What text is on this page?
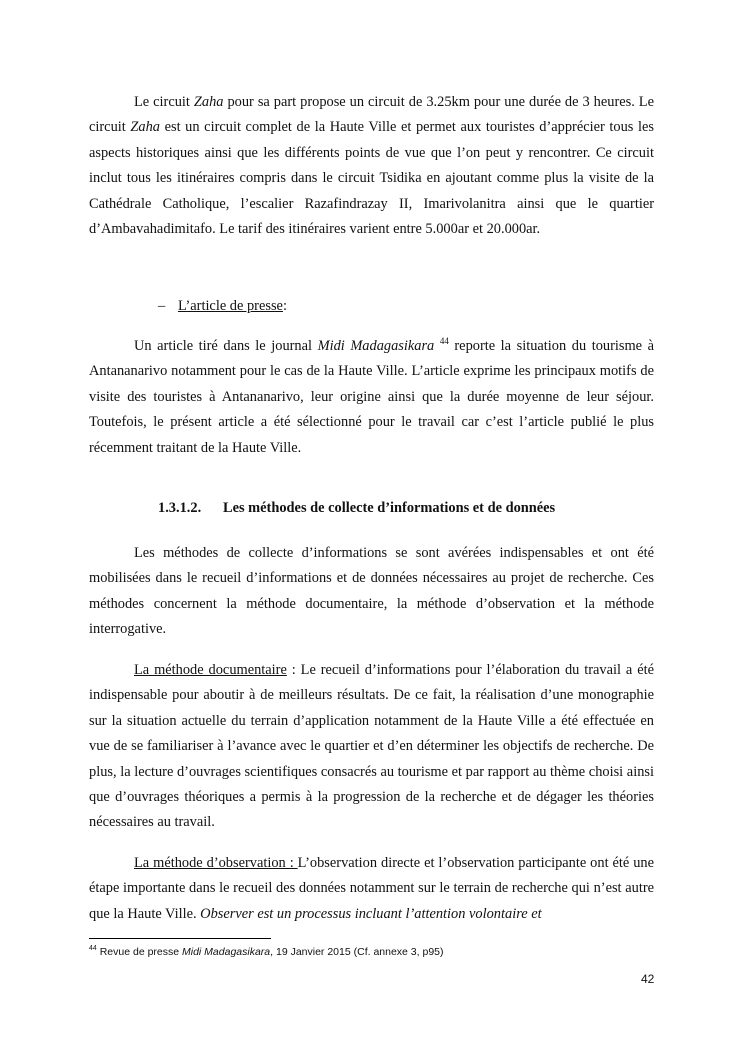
Le circuit Zaha pour sa part propose un circuit de 3.25km pour une durée de 3 heures. Le circuit Zaha est un circuit complet de la Haute Ville et permet aux touristes d’apprécier tous les aspects historiques ainsi que les différents points de vue que l’on peut y rencontrer. Ce circuit inclut tous les itinéraires compris dans le circuit Tsidika en ajoutant comme plus la visite de la Cathédrale Catholique, l’escalier Razafindrazay II, Imarivolanitra ainsi que le quartier d’Ambavahadimitafo. Le tarif des itinéraires varient entre 5.000ar et 20.000ar.

– L’article de presse:

Un article tiré dans le journal Midi Madagasikara $^{44}$ reporte la situation du tourisme à Antananarivo notamment pour le cas de la Haute Ville. L’article exprime les principaux motifs de visite des touristes à Antananarivo, leur origine ainsi que la durée moyenne de leur séjour. Toutefois, le présent article a été sélectionné pour le travail car c’est l’article publié le plus récemment traitant de la Haute Ville.

1.3.1.2. Les méthodes de collecte d’informations et de données

Les méthodes de collecte d’informations se sont avérées indispensables et ont été mobilisées dans le recueil d’informations et de données nécessaires au projet de recherche. Ces méthodes concernent la méthode documentaire, la méthode d’observation et la méthode interrogative.

La méthode documentaire : Le recueil d’informations pour l’élaboration du travail a été indispensable pour aboutir à de meilleurs résultats. De ce fait, la réalisation d’une monographie sur la situation actuelle du terrain d’application notamment de la Haute Ville a été effectuée en vue de se familiariser à l’avance avec le quartier et d’en déterminer les objectifs de recherche. De plus, la lecture d’ouvrages scientifiques consacrés au tourisme et par rapport au thème choisi ainsi que d’ouvrages théoriques a permis à la progression de la recherche et de dégager les théories nécessaires au travail.

La méthode d’observation : L’observation directe et l’observation participante ont été une étape importante dans le recueil des données notamment sur le terrain de recherche qui n’est autre que la Haute Ville. Observer est un processus incluant l’attention volontaire et

$^{44}$ Revue de presse Midi Madagasikara, 19 Janvier 2015 (Cf. annexe 3, p95)
42
